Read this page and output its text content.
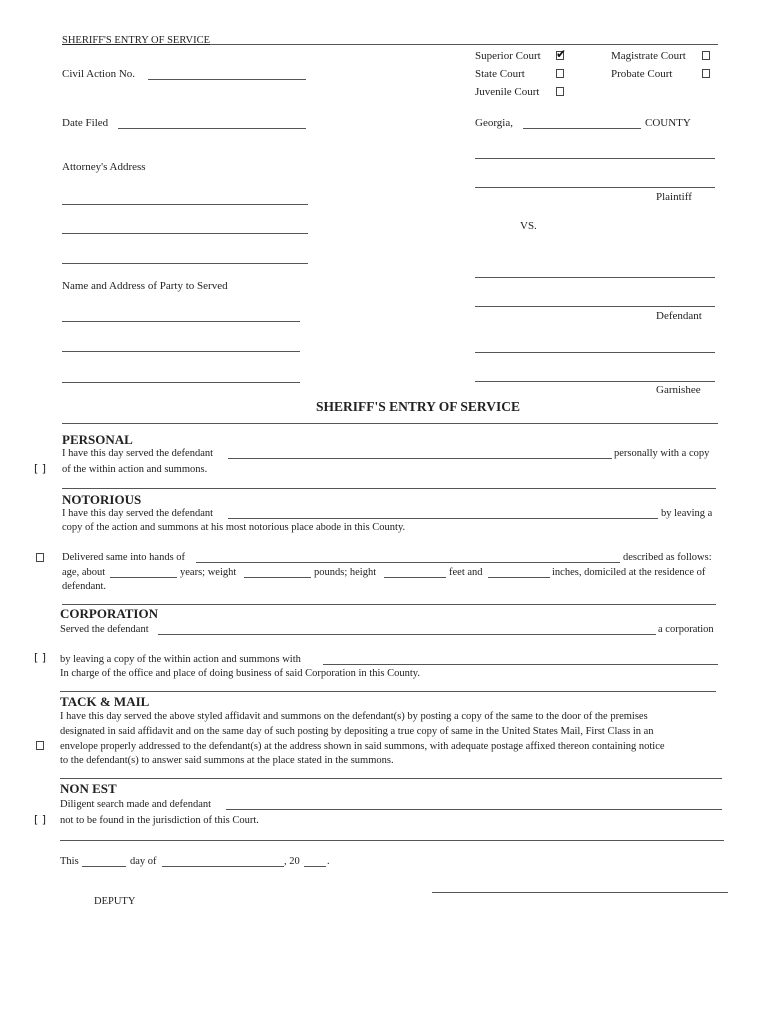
SHERIFF'S ENTRY OF SERVICE
Superior Court
✔	Magistrate Court
State Court	Probate Court
Juvenile Court
Civil Action No.
Date Filed	Georgia,	COUNTY
Attorney's Address
Name and Address of Party to Served
Plaintiff
VS.
Defendant
Garnishee
SHERIFF'S ENTRY OF SERVICE
PERSONAL
I have this day served the defendant	personally with a copy
[ ] of the within action and summons.
NOTORIOUS
I have this day served the defendant	by leaving a
copy of the action and summons at his most notorious place abode in this County.
Delivered same into hands of	described as follows:
age, about	years; weight	pounds; height	feet and	inches, domiciled at the residence of
defendant.
CORPORATION
Served the defendant	a corporation
[ ] by leaving a copy of the within action and summons with
In charge of the office and place of doing business of said Corporation in this County.
TACK & MAIL
I have this day served the above styled affidavit and summons on the defendant(s) by posting a copy of the same to the door of the premises
designated in said affidavit and on the same day of such posting by depositing a true copy of same in the United States Mail, First Class in an
envelope properly addressed to the defendant(s) at the address shown in said summons, with adequate postage affixed thereon containing notice
to the defendant(s) to answer said summons at the place stated in the summons.
NON EST
Diligent search made and defendant
[ ] not to be found in the jurisdiction of this Court.
This	day of	, 20	.
DEPUTY
